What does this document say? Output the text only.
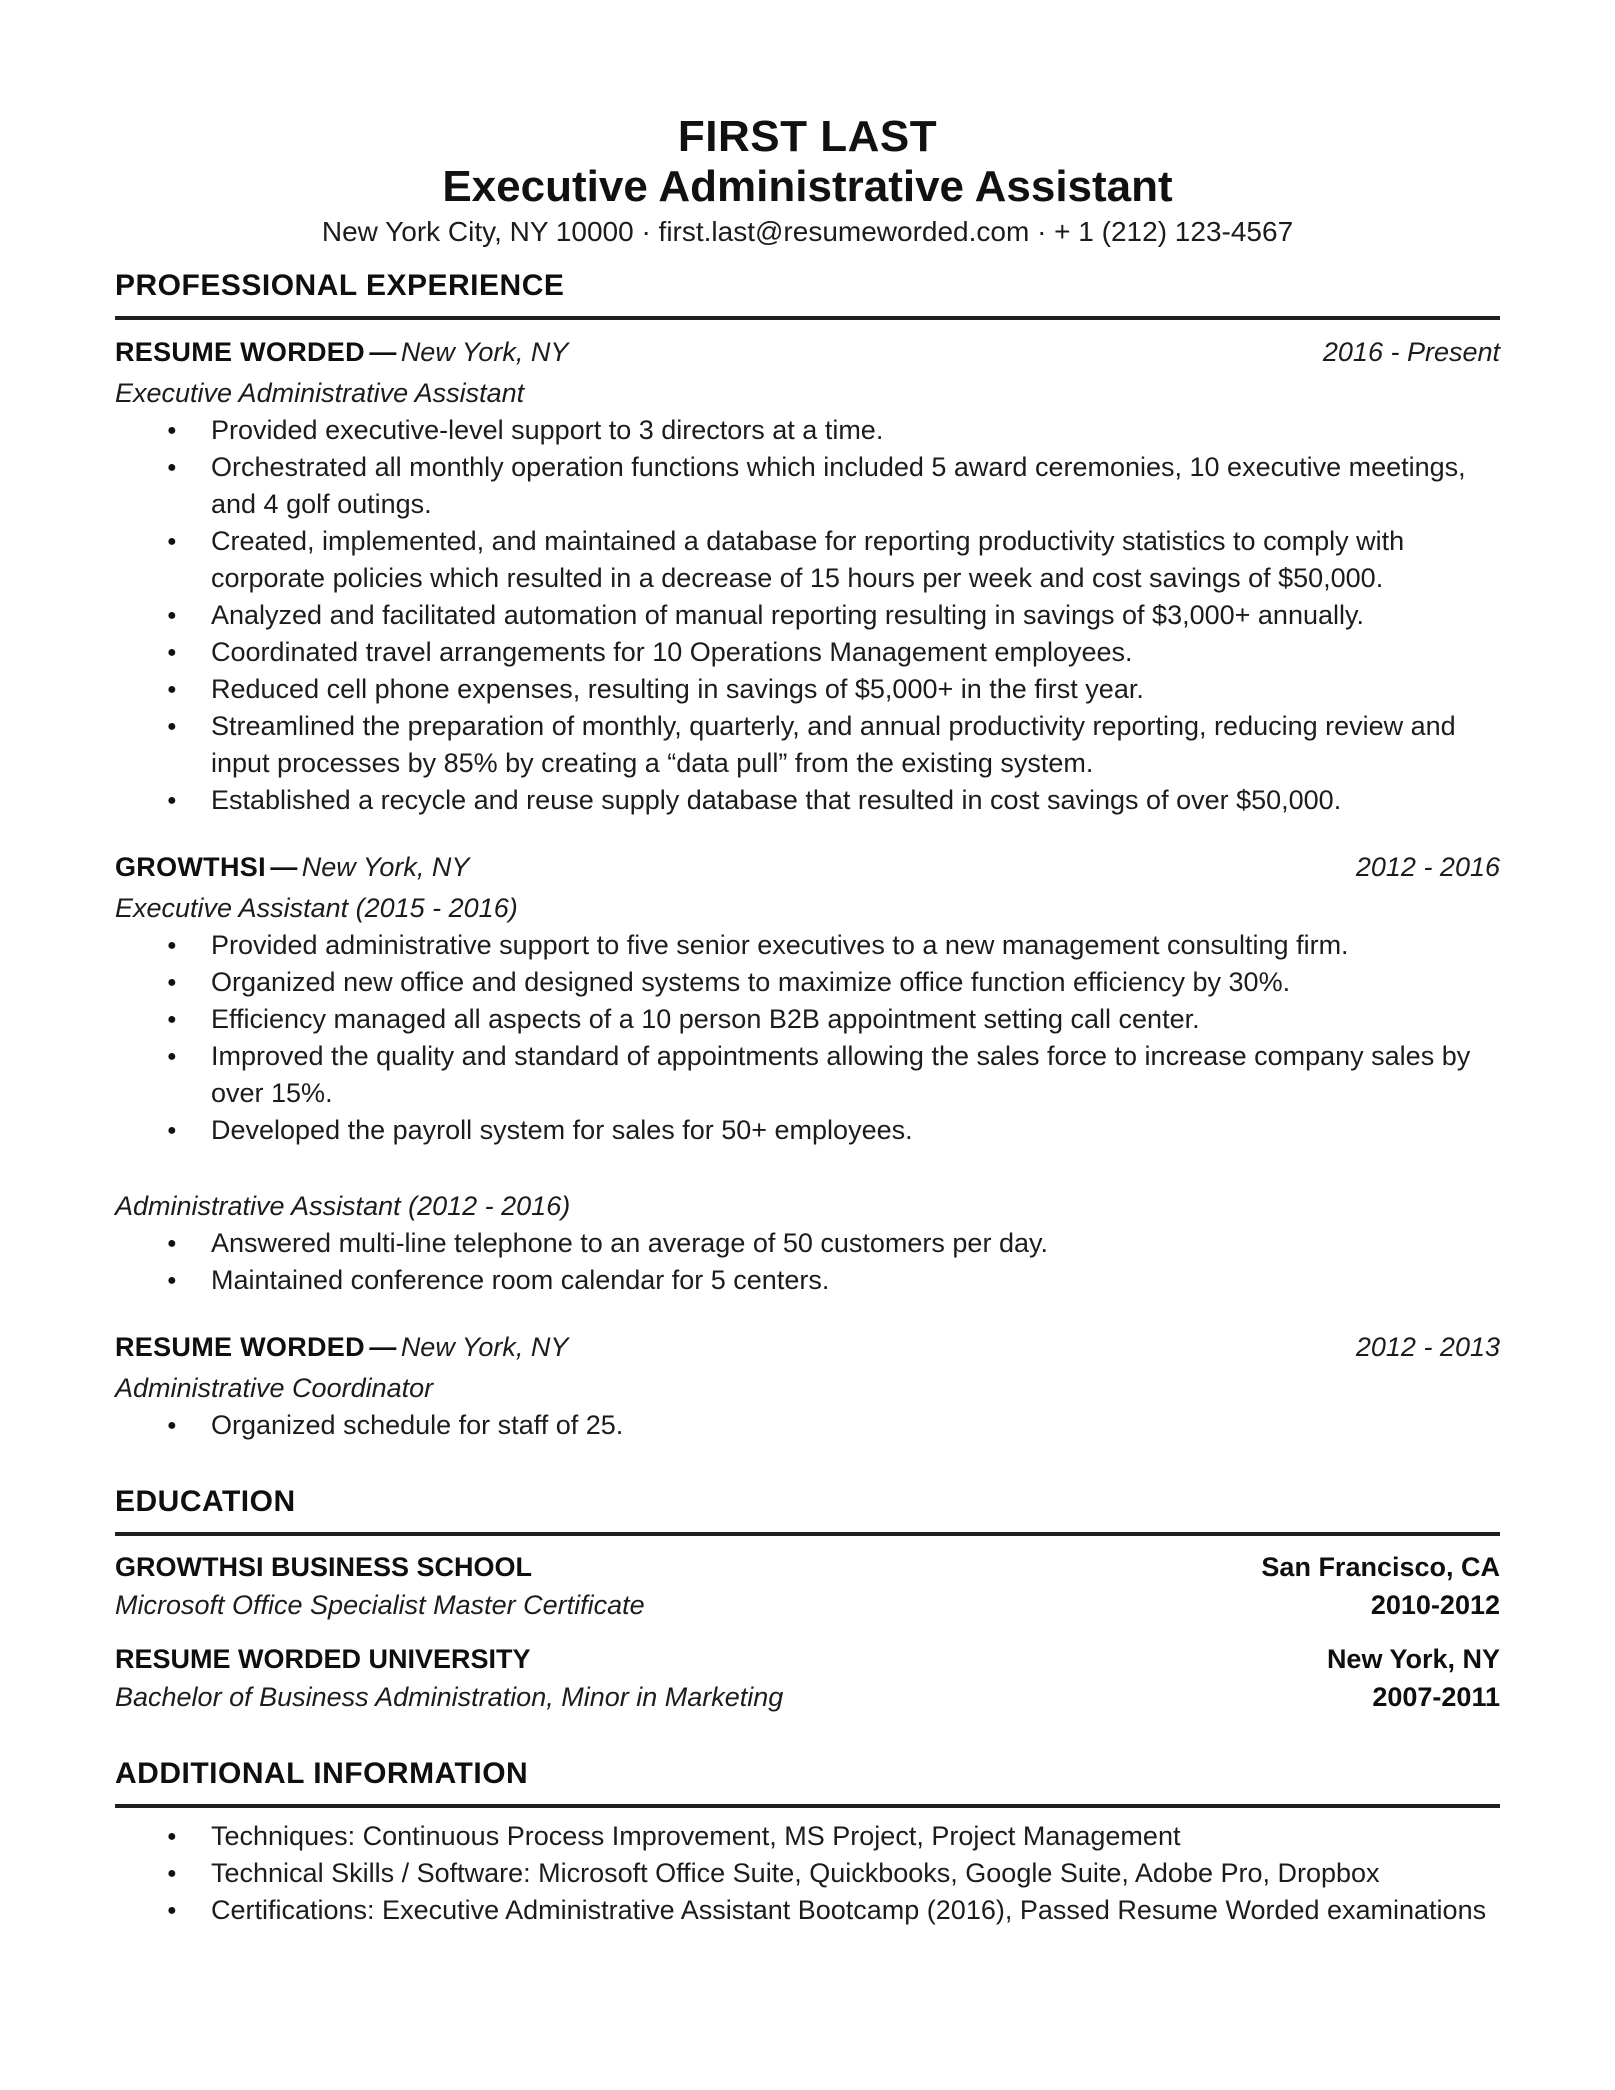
FIRST LAST
Executive Administrative Assistant
New York City, NY 10000 · first.last@resumeworded.com · + 1 (212) 123-4567
PROFESSIONAL EXPERIENCE
RESUME WORDED — New York, NY	2016 - Present

Executive Administrative Assistant

● Provided executive-level support to 3 directors at a time.
● Orchestrated all monthly operation functions which included 5 award ceremonies, 10 executive meetings, and 4 golf outings.
● Created, implemented, and maintained a database for reporting productivity statistics to comply with corporate policies which resulted in a decrease of 15 hours per week and cost savings of $50,000.
● Analyzed and facilitated automation of manual reporting resulting in savings of $3,000+ annually.
● Coordinated travel arrangements for 10 Operations Management employees.
● Reduced cell phone expenses, resulting in savings of $5,000+ in the first year.
● Streamlined the preparation of monthly, quarterly, and annual productivity reporting, reducing review and input processes by 85% by creating a “data pull” from the existing system.
● Established a recycle and reuse supply database that resulted in cost savings of over $50,000.
GROWTHSI — New York, NY	2012 - 2016

Executive Assistant (2015 - 2016)

● Provided administrative support to five senior executives to a new management consulting firm.
● Organized new office and designed systems to maximize office function efficiency by 30%.
● Efficiency managed all aspects of a 10 person B2B appointment setting call center.
● Improved the quality and standard of appointments allowing the sales force to increase company sales by over 15%.
● Developed the payroll system for sales for 50+ employees.

Administrative Assistant (2012 - 2016)

● Answered multi-line telephone to an average of 50 customers per day.
● Maintained conference room calendar for 5 centers.
RESUME WORDED — New York, NY	2012 - 2013

Administrative Coordinator

● Organized schedule for staff of 25.
EDUCATION
GROWTHSI BUSINESS SCHOOL	San Francisco, CA
Microsoft Office Specialist Master Certificate	2010-2012
RESUME WORDED UNIVERSITY	New York, NY
Bachelor of Business Administration, Minor in Marketing	2007-2011
ADDITIONAL INFORMATION
● Techniques: Continuous Process Improvement, MS Project, Project Management
● Technical Skills / Software: Microsoft Office Suite, Quickbooks, Google Suite, Adobe Pro, Dropbox
● Certifications: Executive Administrative Assistant Bootcamp (2016), Passed Resume Worded examinations
